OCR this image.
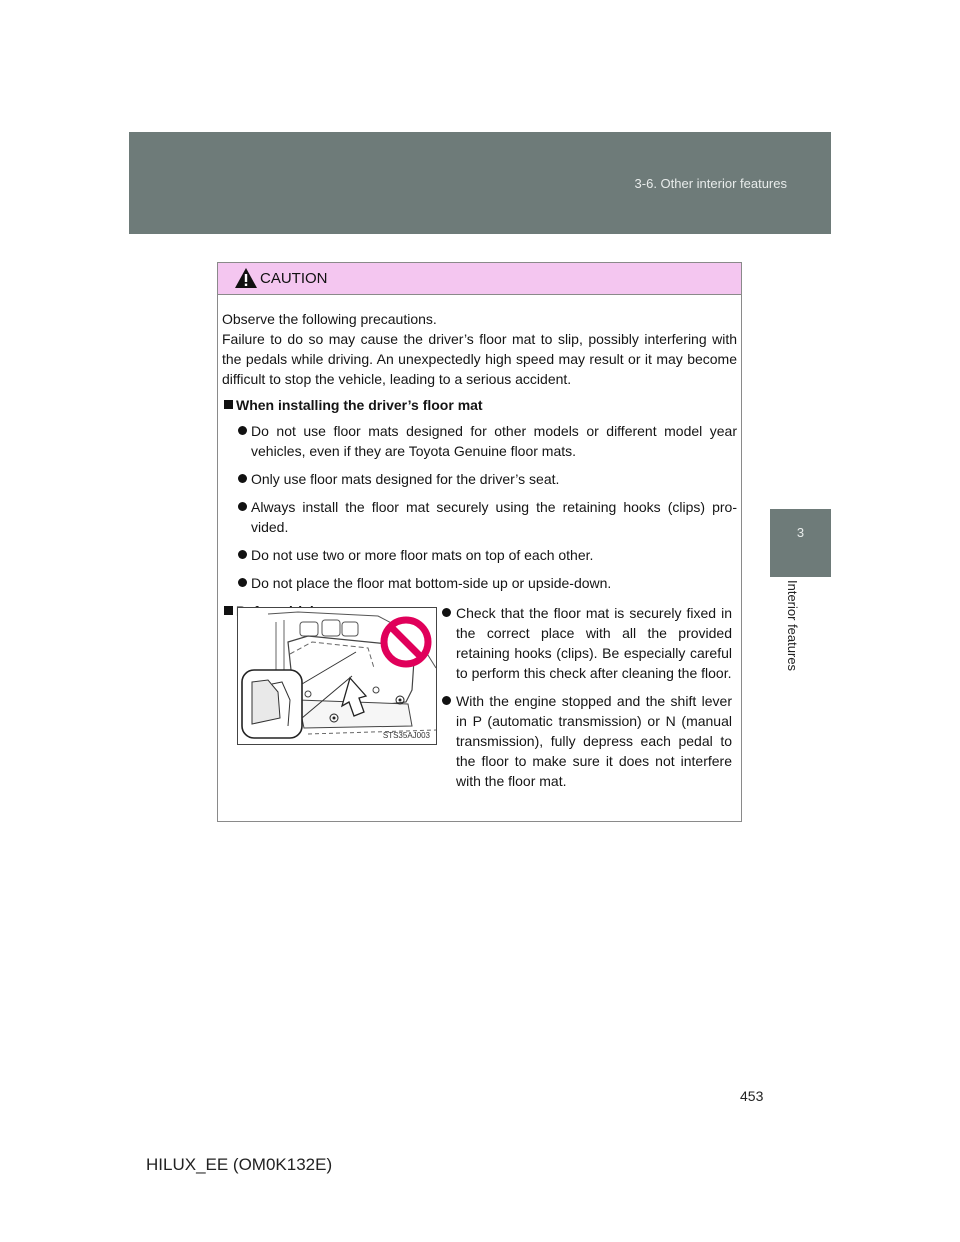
3-6. Other interior features
3
Interior features
CAUTION

Observe the following precautions.

Failure to do so may cause the driver’s floor mat to slip, possibly interfering with the pedals while driving. An unexpectedly high speed may result or it may become difficult to stop the vehicle, leading to a serious accident.

When installing the driver’s floor mat
Do not use floor mats designed for other models or different model year vehicles, even if they are Toyota Genuine floor mats.
Only use floor mats designed for the driver’s seat.
Always install the floor mat securely using the retaining hooks (clips) pro-vided.
Do not use two or more floor mats on top of each other.
Do not place the floor mat bottom-side up or upside-down.
STS35AJ003
Check that the floor mat is securely fixed in the correct place with all the provided retaining hooks (clips). Be especially careful to perform this check after cleaning the floor.
With the engine stopped and the shift lever in P (automatic transmission) or N (manual transmission), fully depress each pedal to the floor to make sure it does not interfere with the floor mat.
453
HILUX_EE (OM0K132E)
